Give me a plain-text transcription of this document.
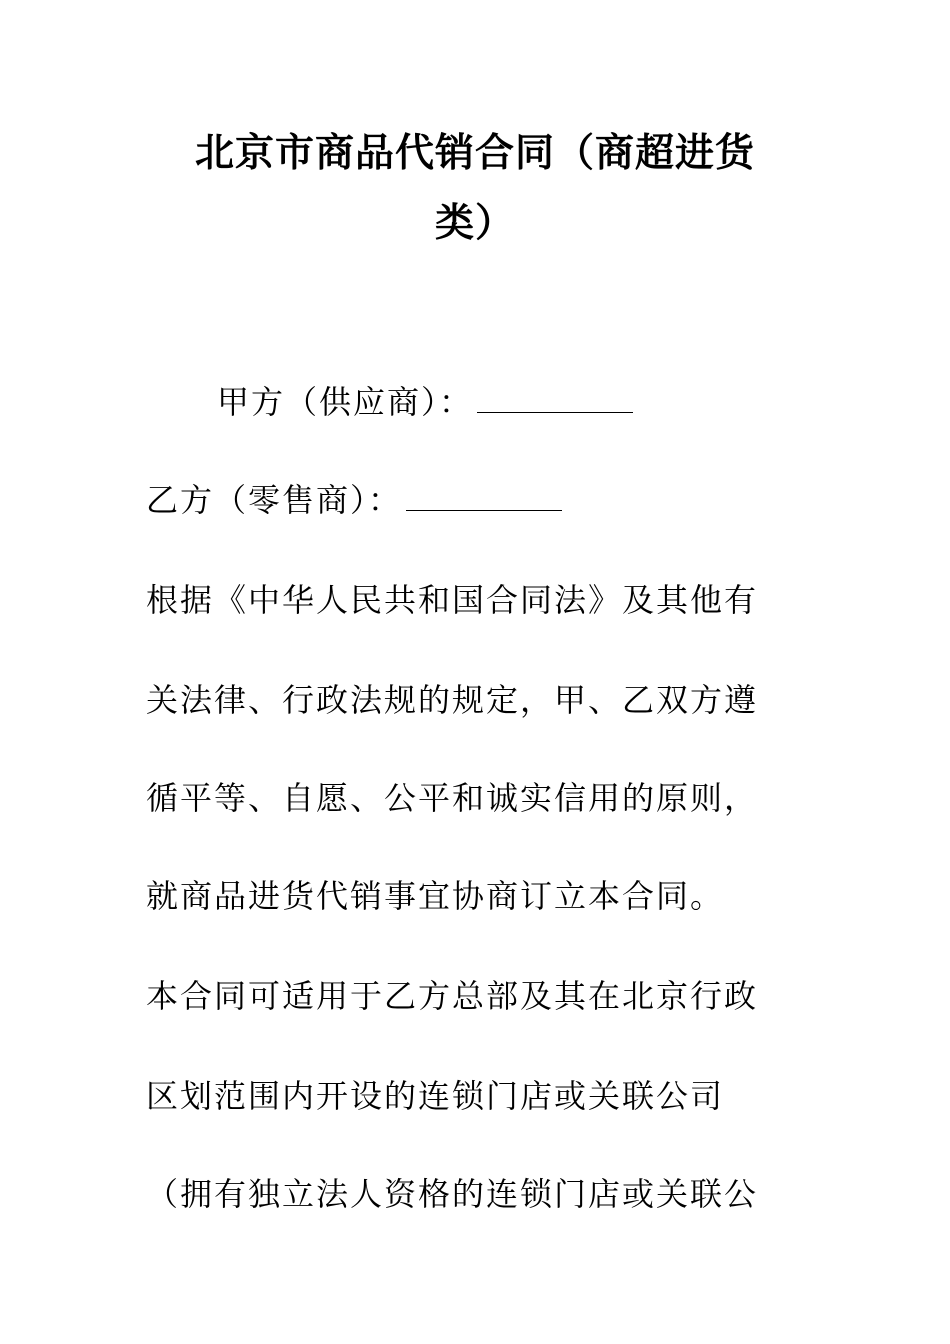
北京市商品代销合同（商超进货
类）
甲方（供应商）：
乙方（零售商）：
根据《中华人民共和国合同法》及其他有
关法律、行政法规的规定，甲、乙双方遵
循平等、自愿、公平和诚实信用的原则，
就商品进货代销事宜协商订立本合同。
本合同可适用于乙方总部及其在北京行政
区划范围内开设的连锁门店或关联公司
（拥有独立法人资格的连锁门店或关联公
